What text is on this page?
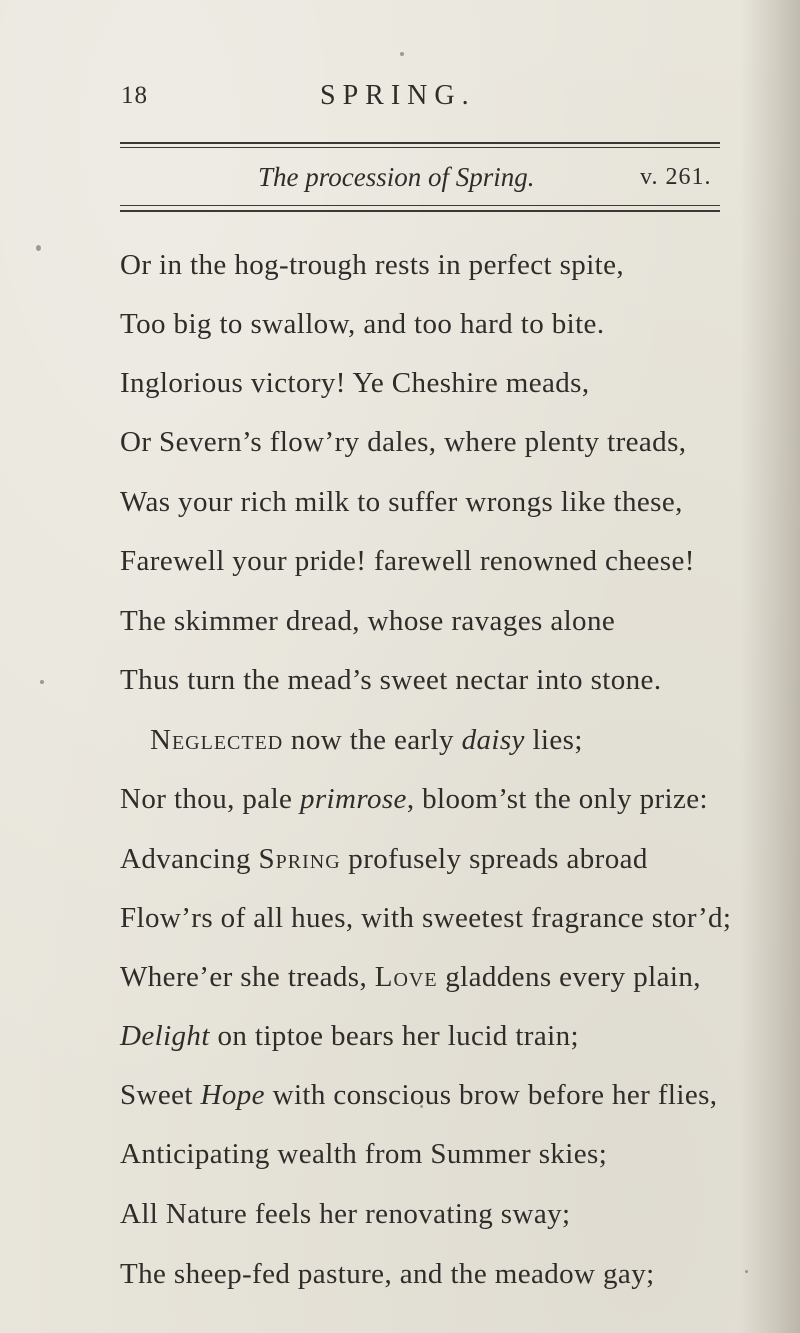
18	SPRING.
The procession of Spring.	v. 261.
Or in the hog-trough rests in perfect spite,
Too big to swallow, and too hard to bite.
Inglorious victory! Ye Cheshire meads,
Or Severn’s flow’ry dales, where plenty treads,
Was your rich milk to suffer wrongs like these,
Farewell your pride! farewell renowned cheese!
The skimmer dread, whose ravages alone
Thus turn the mead’s sweet nectar into stone.
Neglected now the early daisy lies;
Nor thou, pale primrose, bloom’st the only prize:
Advancing Spring profusely spreads abroad
Flow’rs of all hues, with sweetest fragrance stor’d;
Where’er she treads, Love gladdens every plain,
Delight on tiptoe bears her lucid train;
Sweet Hope with conscious brow before her flies,
Anticipating wealth from Summer skies;
All Nature feels her renovating sway;
The sheep-fed pasture, and the meadow gay;
